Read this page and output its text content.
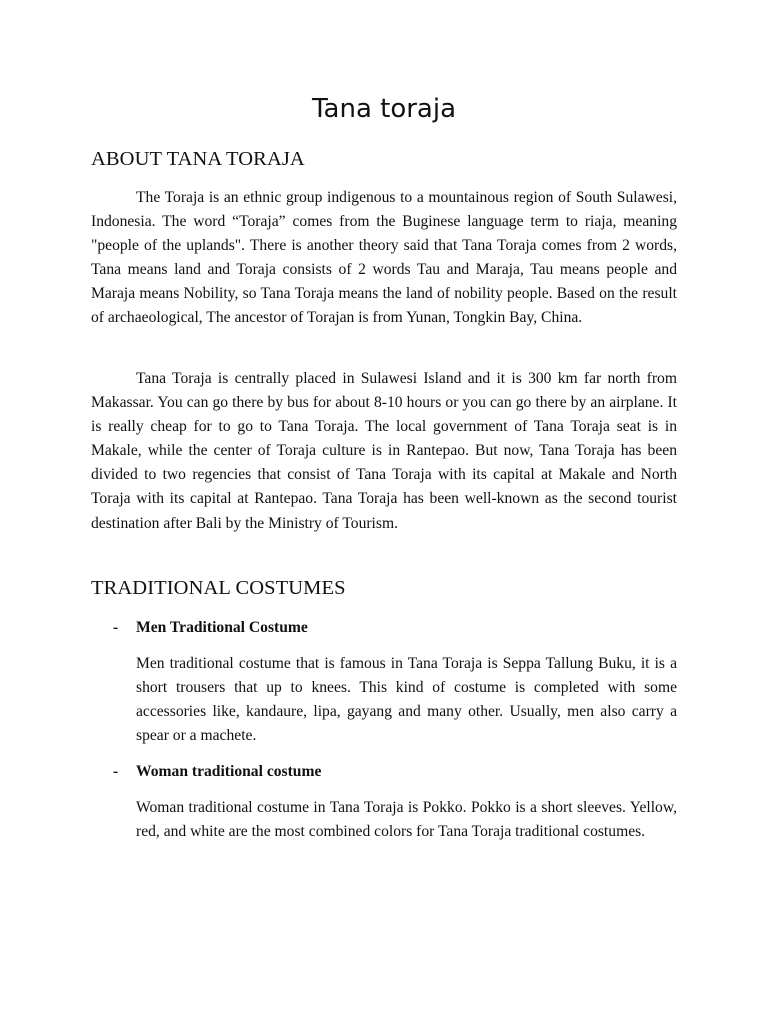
Tana toraja
ABOUT TANA TORAJA

The Toraja is an ethnic group indigenous to a mountainous region of South Sulawesi, Indonesia. The word “Toraja” comes from the Buginese language term to riaja, meaning "people of the uplands". There is another theory said that Tana Toraja comes from 2 words, Tana means land and Toraja consists of 2 words Tau and Maraja, Tau means people and Maraja means Nobility, so Tana Toraja means the land of nobility people. Based on the result of archaeological, The ancestor of Torajan is from Yunan, Tongkin Bay, China.

Tana Toraja is centrally placed in Sulawesi Island and it is 300 km far north from Makassar. You can go there by bus for about 8-10 hours or you can go there by an airplane. It is really cheap for to go to Tana Toraja. The local government of Tana Toraja seat is in Makale, while the center of Toraja culture is in Rantepao. But now, Tana Toraja has been divided to two regencies that consist of Tana Toraja with its capital at Makale and North Toraja with its capital at Rantepao. Tana Toraja has been well-known as the second tourist destination after Bali by the Ministry of Tourism.

TRADITIONAL COSTUMES
- Men Traditional Costume

Men traditional costume that is famous in Tana Toraja is Seppa Tallung Buku, it is a short trousers that up to knees. This kind of costume is completed with some accessories like, kandaure, lipa, gayang and many other. Usually, men also carry a spear or a machete.

- Woman traditional costume

Woman traditional costume in Tana Toraja is Pokko. Pokko is a short sleeves. Yellow, red, and white are the most combined colors for Tana Toraja traditional costumes.
